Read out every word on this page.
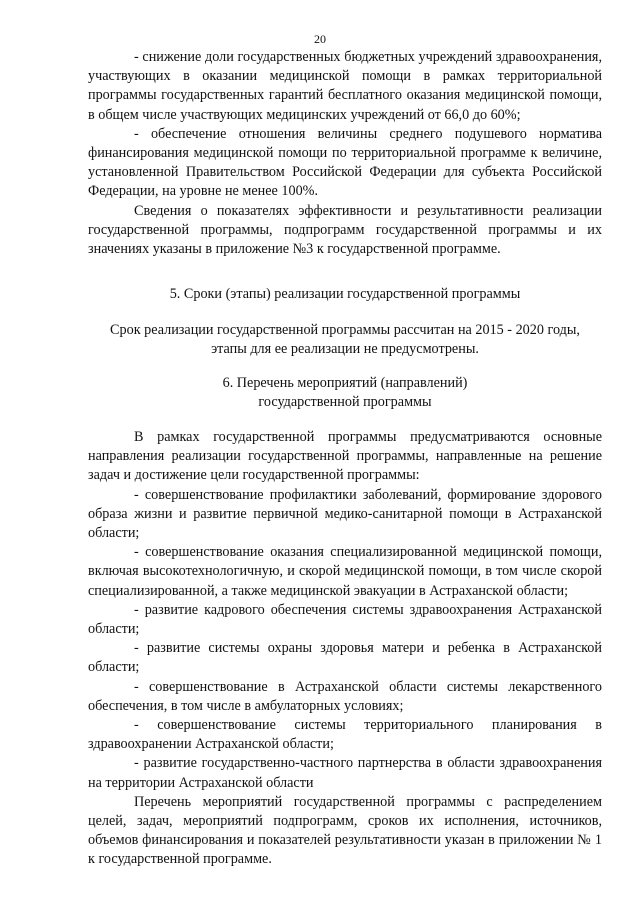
20

- снижение доли государственных бюджетных учреждений здравоохранения, участвующих в оказании медицинской помощи в рамках территориальной программы государственных гарантий бесплатного оказания медицинской помощи, в общем числе участвующих медицинских учреждений от 66,0 до 60%;

- обеспечение отношения величины среднего подушевого норматива финансирования медицинской помощи по территориальной программе к величине, установленной Правительством Российской Федерации для субъекта Российской Федерации, на уровне не менее 100%.

Сведения о показателях эффективности и результативности реализации государственной программы, подпрограмм государственной программы и их значениях указаны в приложение №3 к государственной программе.

5. Сроки (этапы) реализации государственной программы
Срок реализации государственной программы рассчитан на 2015 - 2020 годы,
этапы для ее реализации не предусмотрены.
6. Перечень мероприятий (направлений)
государственной программы

В рамках государственной программы предусматриваются основные направления реализации государственной программы, направленные на решение задач и достижение цели государственной программы:

- совершенствование профилактики заболеваний, формирование здорового образа жизни и развитие первичной медико-санитарной помощи в Астраханской области;

- совершенствование оказания специализированной медицинской помощи, включая высокотехнологичную, и скорой медицинской помощи, в том числе скорой специализированной, а также медицинской эвакуации в Астраханской области;

- развитие кадрового обеспечения системы здравоохранения Астраханской области;

- развитие системы охраны здоровья матери и ребенка в Астраханской области;

- совершенствование в Астраханской области системы лекарственного обеспечения, в том числе в амбулаторных условиях;

- совершенствование системы территориального планирования в здравоохранении Астраханской области;

- развитие государственно-частного партнерства в области здравоохранения на территории Астраханской области

Перечень мероприятий государственной программы с распределением целей, задач, мероприятий подпрограмм, сроков их исполнения, источников, объемов финансирования и показателей результативности указан в приложении № 1 к государственной программе.
